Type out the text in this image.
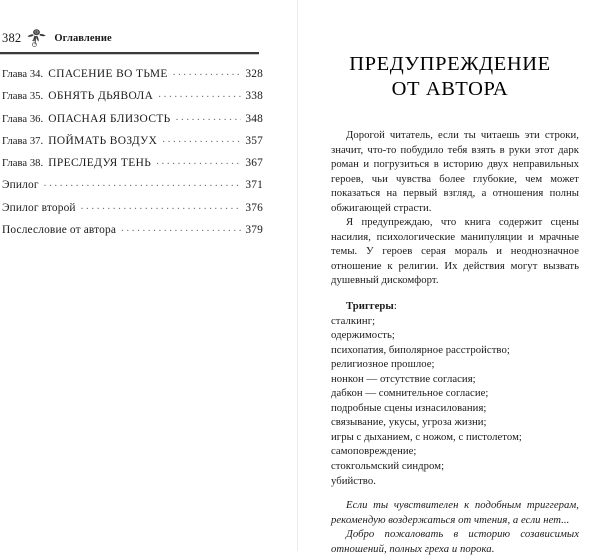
382	Оглавление
Глава 34. СПАСЕНИЕ ВО ТЬМЕ .....	328
Глава 35. ОБНЯТЬ ДЬЯВОЛА .....	338
Глава 36. ОПАСНАЯ БЛИЗОСТЬ .....	348
Глава 37. ПОЙМАТЬ ВОЗДУХ .....	357
Глава 38. ПРЕСЛЕДУЯ ТЕНЬ .....	367
Эпилог .....	371
Эпилог второй .....	376
Послесловие от автора .....	379
ПРЕДУПРЕЖДЕНИЕ
ОТ АВТОРА

Дорогой читатель, если ты читаешь эти строки, значит, что-то побудило тебя взять в руки этот дарк роман и погрузиться в историю двух неправильных героев, чьи чувства более глубокие, чем может показаться на первый взгляд, а отношения полны обжигающей страсти.

Я предупреждаю, что книга содержит сцены насилия, психологические манипуляции и мрачные темы. У героев серая мораль и неоднозначное отношение к религии. Их действия могут вызвать душевный дискомфорт.

Триггеры:
сталкинг;
одержимость;
психопатия, биполярное расстройство;
религиозное прошлое;
нонкон — отсутствие согласия;
дабкон — сомнительное согласие;
подробные сцены изнасилования;
связывание, укусы, угроза жизни;
игры с дыханием, с ножом, с пистолетом;
самоповреждение;
стокгольмский синдром;
убийство.

Если ты чувствителен к подобным триггерам, рекомендую воздержаться от чтения, а если нет...

Добро пожаловать в историю созависимых отношений, полных греха и порока.
